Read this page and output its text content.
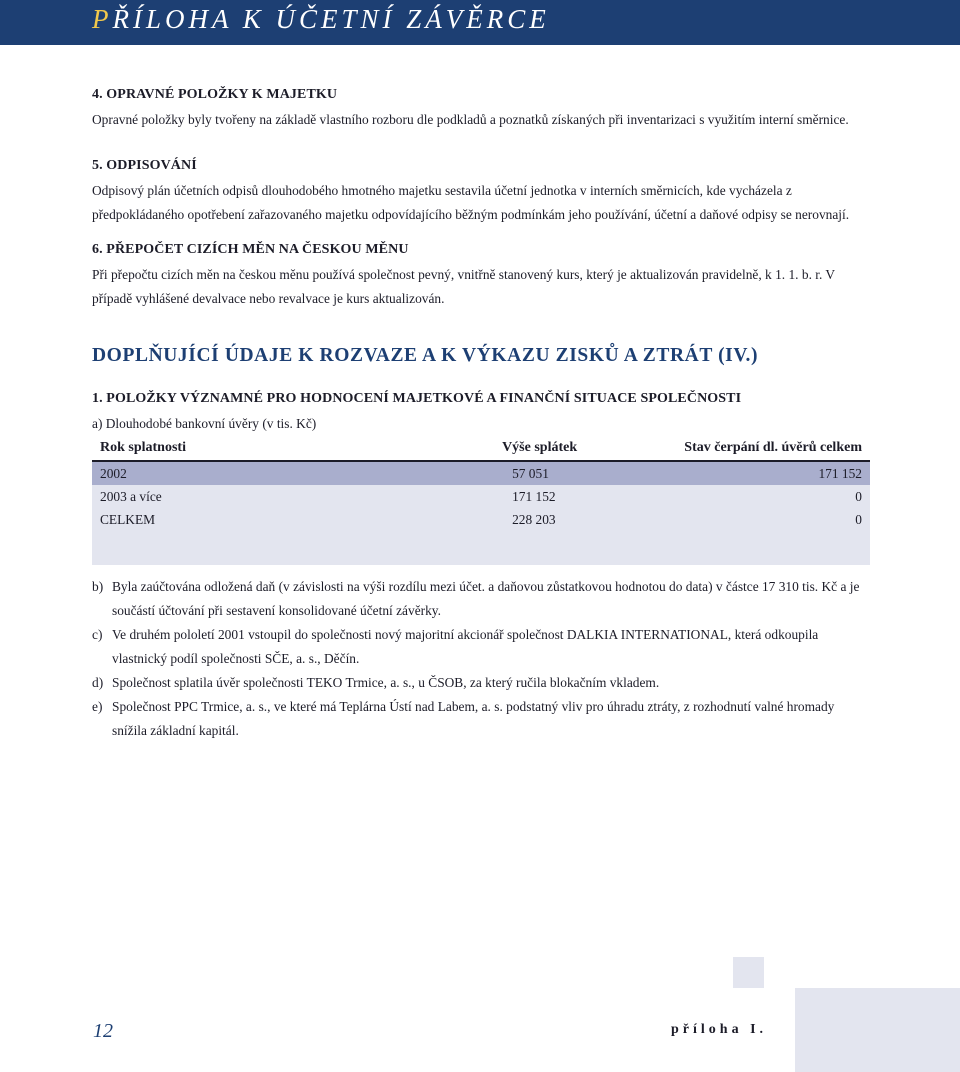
PŘÍLOHA K ÚČETNÍ ZÁVĚRCE
4. OPRAVNÉ POLOŽKY K MAJETKU

Opravné položky byly tvořeny na základě vlastního rozboru dle podkladů a poznatků získaných při inventarizaci s využitím interní směrnice.

5. ODPISOVÁNÍ

Odpisový plán účetních odpisů dlouhodobého hmotného majetku sestavila účetní jednotka v interních směrnicích, kde vycházela z předpokládaného opotřebení zařazovaného majetku odpovídajícího běžným podmínkám jeho používání, účetní a daňové odpisy se nerovnají.

6. PŘEPOČET CIZÍCH MĚN NA ČESKOU MĚNU

Při přepočtu cizích měn na českou měnu používá společnost pevný, vnitřně stanovený kurs, který je aktualizován pravidelně, k 1. 1. b. r. V případě vyhlášené devalvace nebo revalvace je kurs aktualizován.

DOPLŇUJÍCÍ ÚDAJE K ROZVAZE A K VÝKAZU ZISKŮ A ZTRÁT (IV.)
1. POLOŽKY VÝZNAMNÉ PRO HODNOCENÍ MAJETKOVÉ A FINANČNÍ SITUACE SPOLEČNOSTI

a) Dlouhodobé bankovní úvěry (v tis. Kč)

Rok splatnosti	Výše splátek	Stav čerpání dl. úvěrů celkem
2002	57 051	171 152
2003 a více	171 152	0
CELKEM	228 203	0

b) Byla zaúčtována odložená daň (v závislosti na výši rozdílu mezi účet. a daňovou zůstatkovou hodnotou do data) v částce 17 310 tis. Kč a je součástí účtování při sestavení konsolidované účetní závěrky.
c) Ve druhém pololetí 2001 vstoupil do společnosti nový majoritní akcionář společnost DALKIA INTERNATIONAL, která odkoupila vlastnický podíl společnosti SČE, a. s., Děčín.
d) Společnost splatila úvěr společnosti TEKO Trmice, a. s., u ČSOB, za který ručila blokačním vkladem.
e) Společnost PPC Trmice, a. s., ve které má Teplárna Ústí nad Labem, a. s. podstatný vliv pro úhradu ztráty, z rozhodnutí valné hromady snížila základní kapitál.
12	příloha I.
